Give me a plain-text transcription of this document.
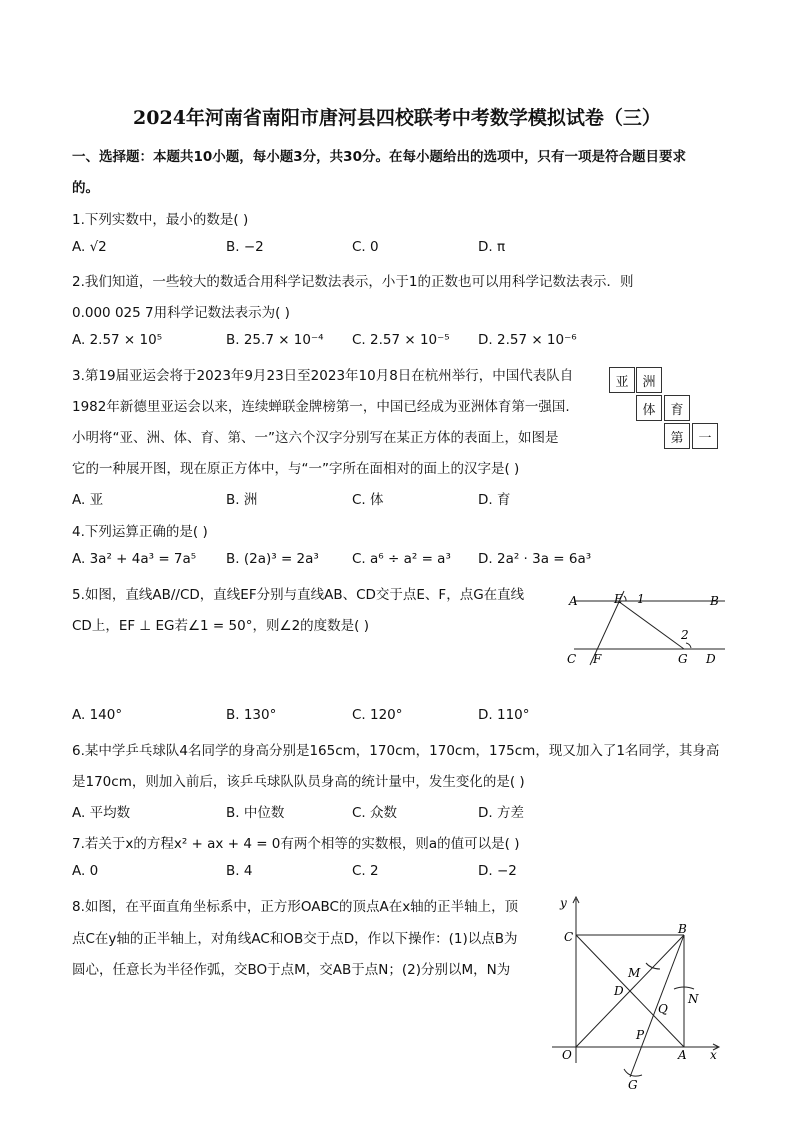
2024年河南省南阳市唐河县四校联考中考数学模拟试卷（三）
一、选择题：本题共10小题，每小题3分，共30分。在每小题给出的选项中，只有一项是符合题目要求
的。
1.下列实数中，最小的数是( )
A. √2	B. −2	C. 0	D. π
2.我们知道，一些较大的数适合用科学记数法表示，小于1的正数也可以用科学记数法表示．则
0.000 025 7用科学记数法表示为( )
A. 2.57 × 10⁵	B. 25.7 × 10⁻⁴ C. 2.57 × 10⁻⁵ D. 2.57 × 10⁻⁶
3.第19届亚运会将于2023年9月23日至2023年10月8日在杭州举行，中国代表队自
1982年新德里亚运会以来，连续蝉联金牌榜第一，中国已经成为亚洲体育第一强国.
小明将“亚、洲、体、育、第、一”这六个汉字分别写在某正方体的表面上，如图是
它的一种展开图，现在原正方体中，与“一”字所在面相对的面上的汉字是( )
A. 亚	B. 洲	C. 体	D. 育
亚	洲
体	育
第	一
4.下列运算正确的是( )
A. 3a² + 4a³ = 7a⁵ B. (2a)³ = 2a³ C. a⁶ ÷ a² = a³ D. 2a² · 3a = 6a³
5.如图，直线AB//CD，直线EF分别与直线AB、CD交于点E、F，点G在直线
CD上，EF ⊥ EG若∠1 = 50°，则∠2的度数是( )
A. 140°	B. 130°	C. 120°	D. 110°
A	E 1	B
2
C F	G D
6.某中学乒乓球队4名同学的身高分别是165cm，170cm，170cm，175cm，现又加入了1名同学，其身高
是170cm，则加入前后，该乒乓球队队员身高的统计量中，发生变化的是( )
A. 平均数	B. 中位数	C. 众数	D. 方差
7.若关于x的方程x² + ax + 4 = 0有两个相等的实数根，则a的值可以是( )
A. 0	B. 4	C. 2	D. −2
8.如图，在平面直角坐标系中，正方形OABC的顶点A在x轴的正半轴上，顶
点C在y轴的正半轴上，对角线AC和OB交于点D，作以下操作：(1)以点B为
圆心，任意长为半径作弧，交BO于点M，交AB于点N；(2)分别以M，N为
y
C
B
M
N
D
Q
P
O	A x
G
